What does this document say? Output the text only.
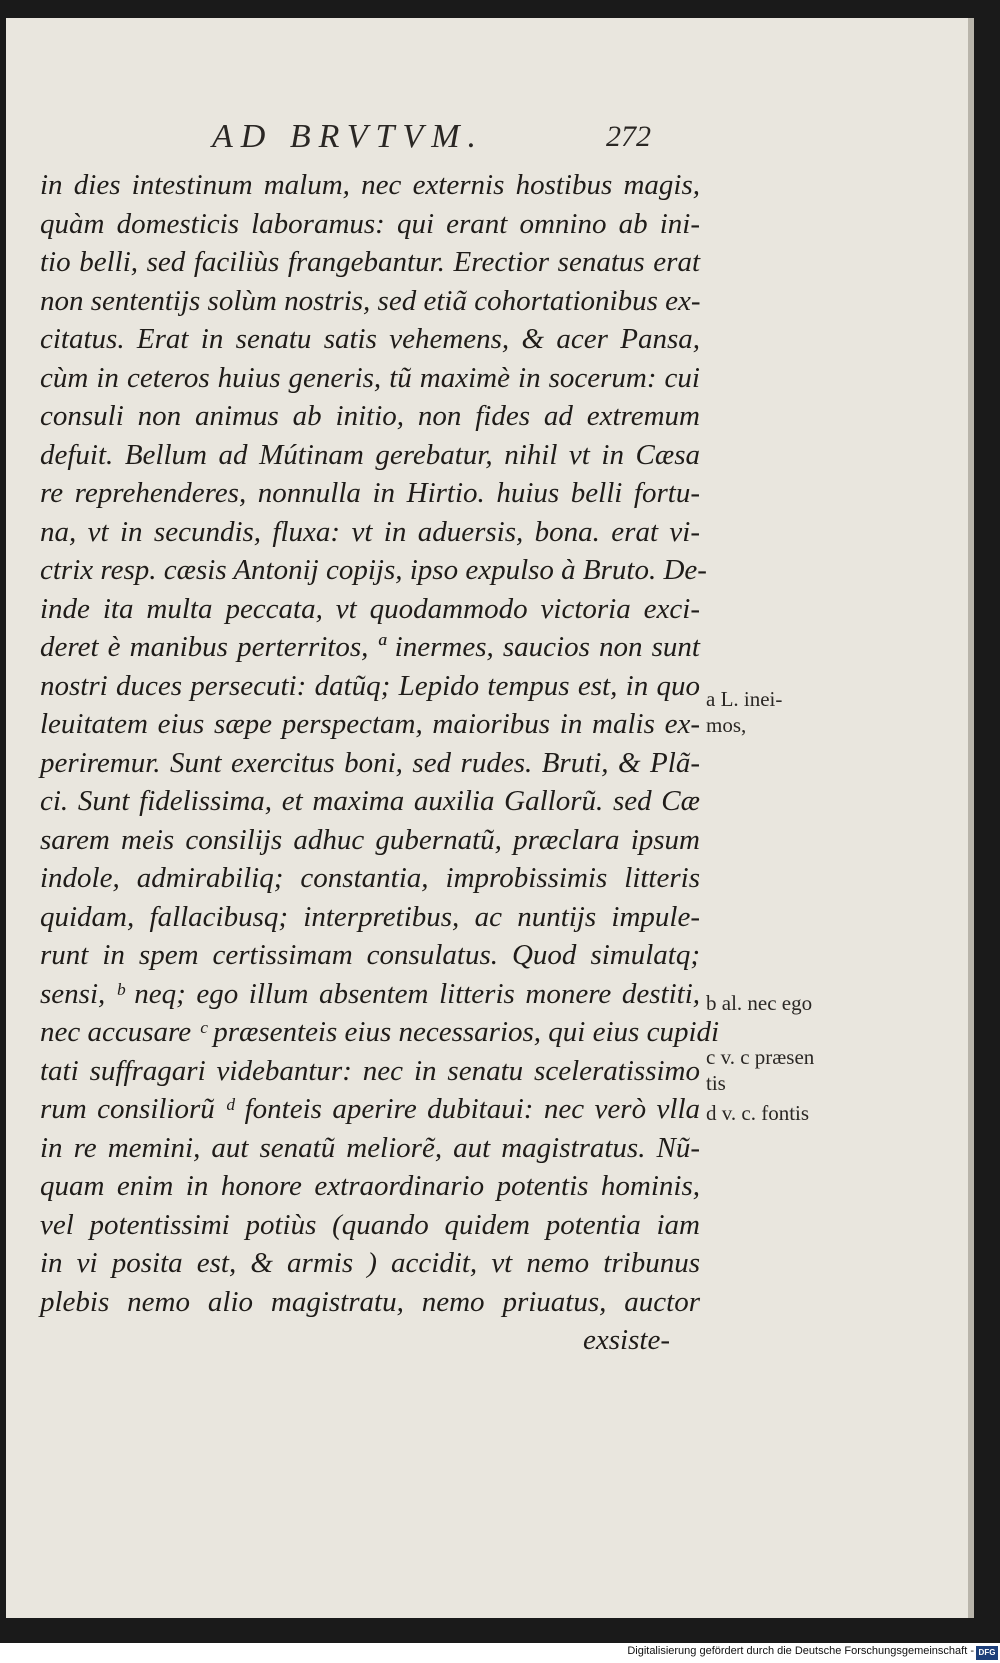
AD BRVTVM.	272
in dies intestinum malum, nec externis hostibus magis,
quàm domesticis laboramus: qui erant omnino ab ini-
tio belli, sed faciliùs frangebantur. Erectior senatus erat
non sententijs solùm nostris, sed etiã cohortationibus ex-
citatus. Erat in senatu satis vehemens, & acer Pansa,
cùm in ceteros huius generis, tũ maximè in socerum: cui
consuli non animus ab initio, non fides ad extremum
defuit. Bellum ad Mútinam gerebatur, nihil vt in Cæsa
re reprehenderes, nonnulla in Hirtio. huius belli fortu-
na, vt in secundis, fluxa: vt in aduersis, bona. erat vi-
ctrix resp. cæsis Antonij copijs, ipso expulso à Bruto. De-
inde ita multa peccata, vt quodammodo victoria exci-
deret è manibus perterritos, ª inermes, saucios non sunt
nostri duces persecuti: datũq; Lepido tempus est, in quo
leuitatem eius sæpe perspectam, maioribus in malis ex-
periremur. Sunt exercitus boni, sed rudes. Bruti, & Plã-
ci. Sunt fidelissima, et maxima auxilia Gallorũ. sed Cæ
sarem meis consilijs adhuc gubernatũ, præclara ipsum
indole, admirabiliq; constantia, improbissimis litteris
quidam, fallacibusq; interpretibus, ac nuntijs impule-
runt in spem certissimam consulatus. Quod simulatq;
sensi, ᵇ neq; ego illum absentem litteris monere destiti,
nec accusare ᶜ præsenteis eius necessarios, qui eius cupidi
tati suffragari videbantur: nec in senatu sceleratissimo
rum consiliorũ ᵈ fonteis aperire dubitaui: nec verò vlla
in re memini, aut senatũ meliorẽ, aut magistratus. Nũ-
quam enim in honore extraordinario potentis hominis,
vel potentissimi potiùs (quando quidem potentia iam
in vi posita est, & armis ) accidit, vt nemo tribunus
plebis nemo alio magistratu, nemo priuatus, auctor
exsiste-
a L. inei-
mos,
b al. nec ego
c v. c præsen
tis
d v. c. fontis
Digitalisierung gefördert durch die Deutsche Forschungsgemeinschaft - DFG
